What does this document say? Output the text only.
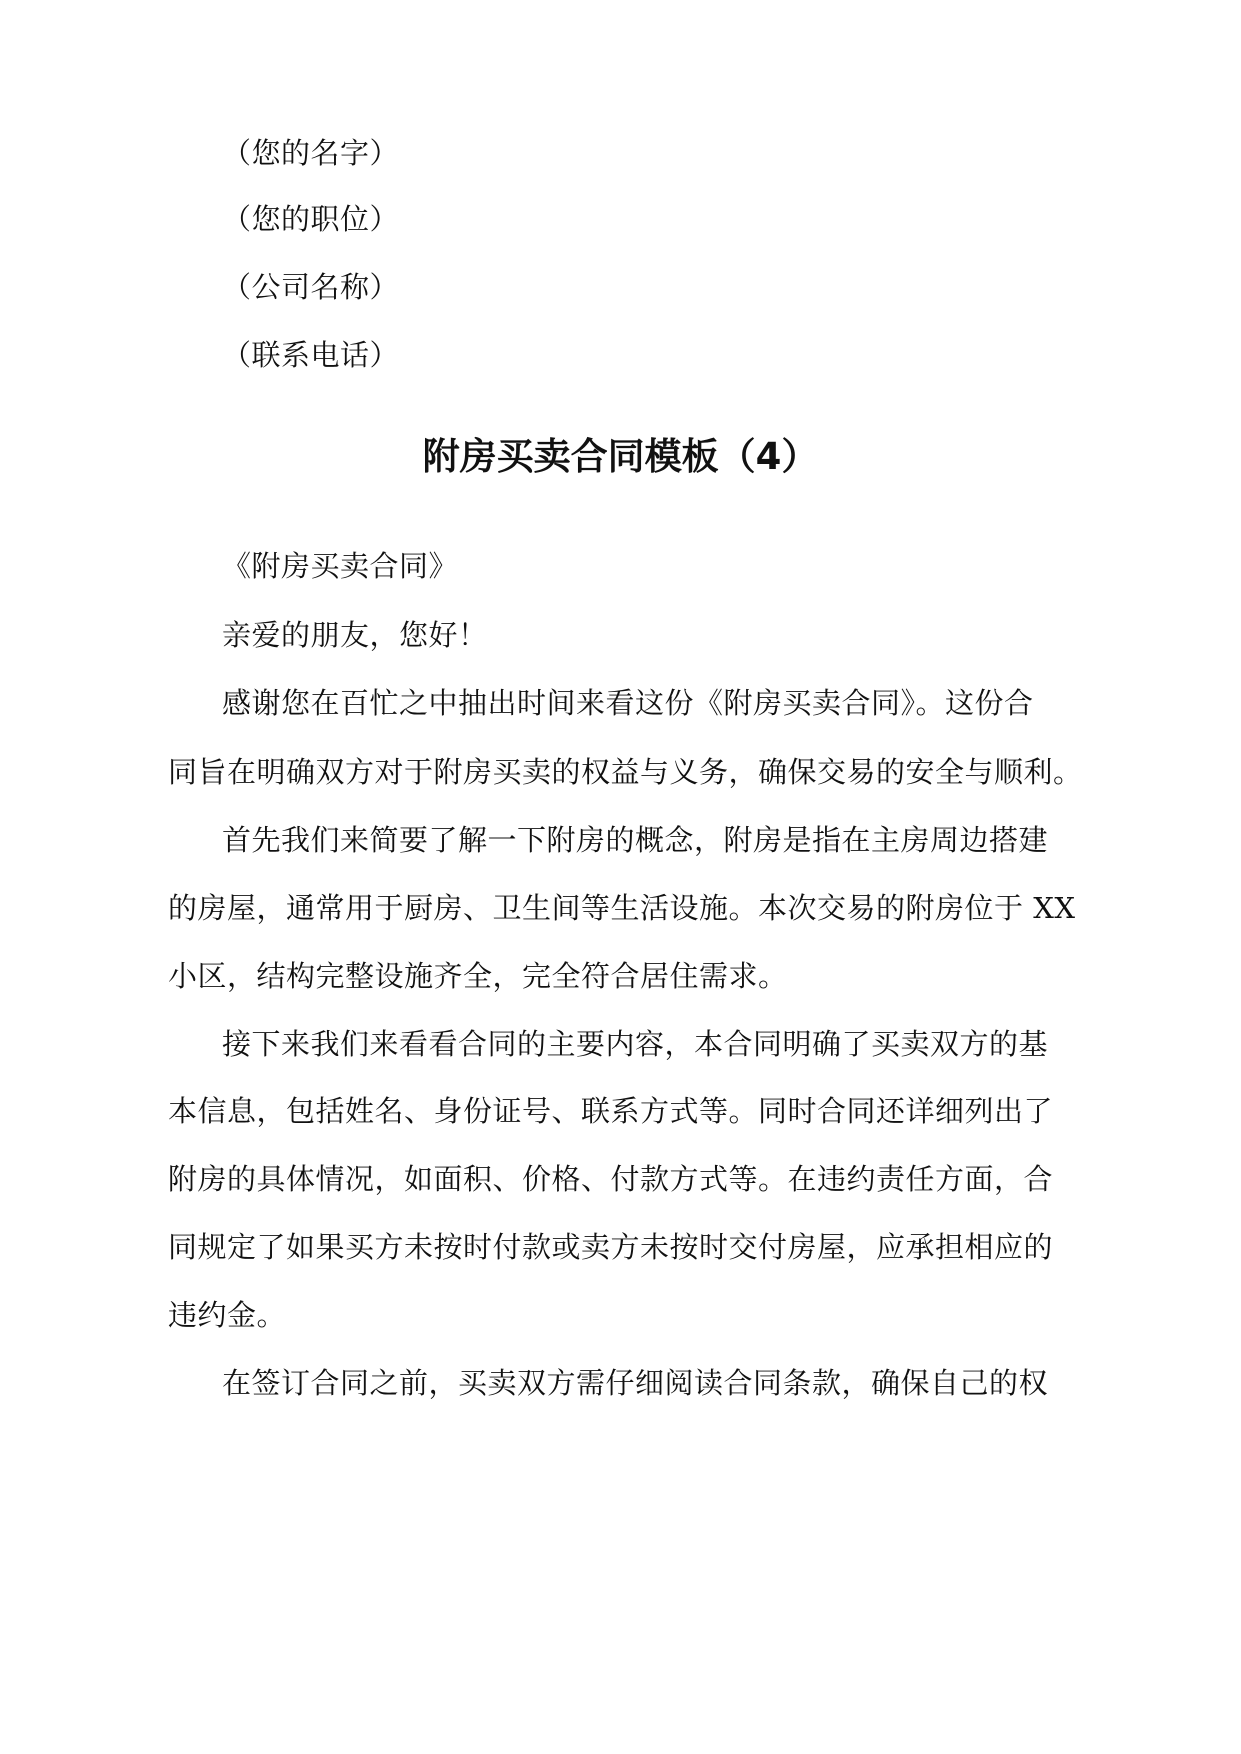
（您的名字）
（您的职位）
（公司名称）
（联系电话）
附房买卖合同模板（4）
《附房买卖合同》
亲爱的朋友，您好！
感谢您在百忙之中抽出时间来看这份《附房买卖合同》。这份合
同旨在明确双方对于附房买卖的权益与义务，确保交易的安全与顺利。
首先我们来简要了解一下附房的概念，附房是指在主房周边搭建
的房屋，通常用于厨房、卫生间等生活设施。本次交易的附房位于 XX
小区，结构完整设施齐全，完全符合居住需求。
接下来我们来看看合同的主要内容，本合同明确了买卖双方的基
本信息，包括姓名、身份证号、联系方式等。同时合同还详细列出了
附房的具体情况，如面积、价格、付款方式等。在违约责任方面，合
同规定了如果买方未按时付款或卖方未按时交付房屋，应承担相应的
违约金。
在签订合同之前，买卖双方需仔细阅读合同条款，确保自己的权
